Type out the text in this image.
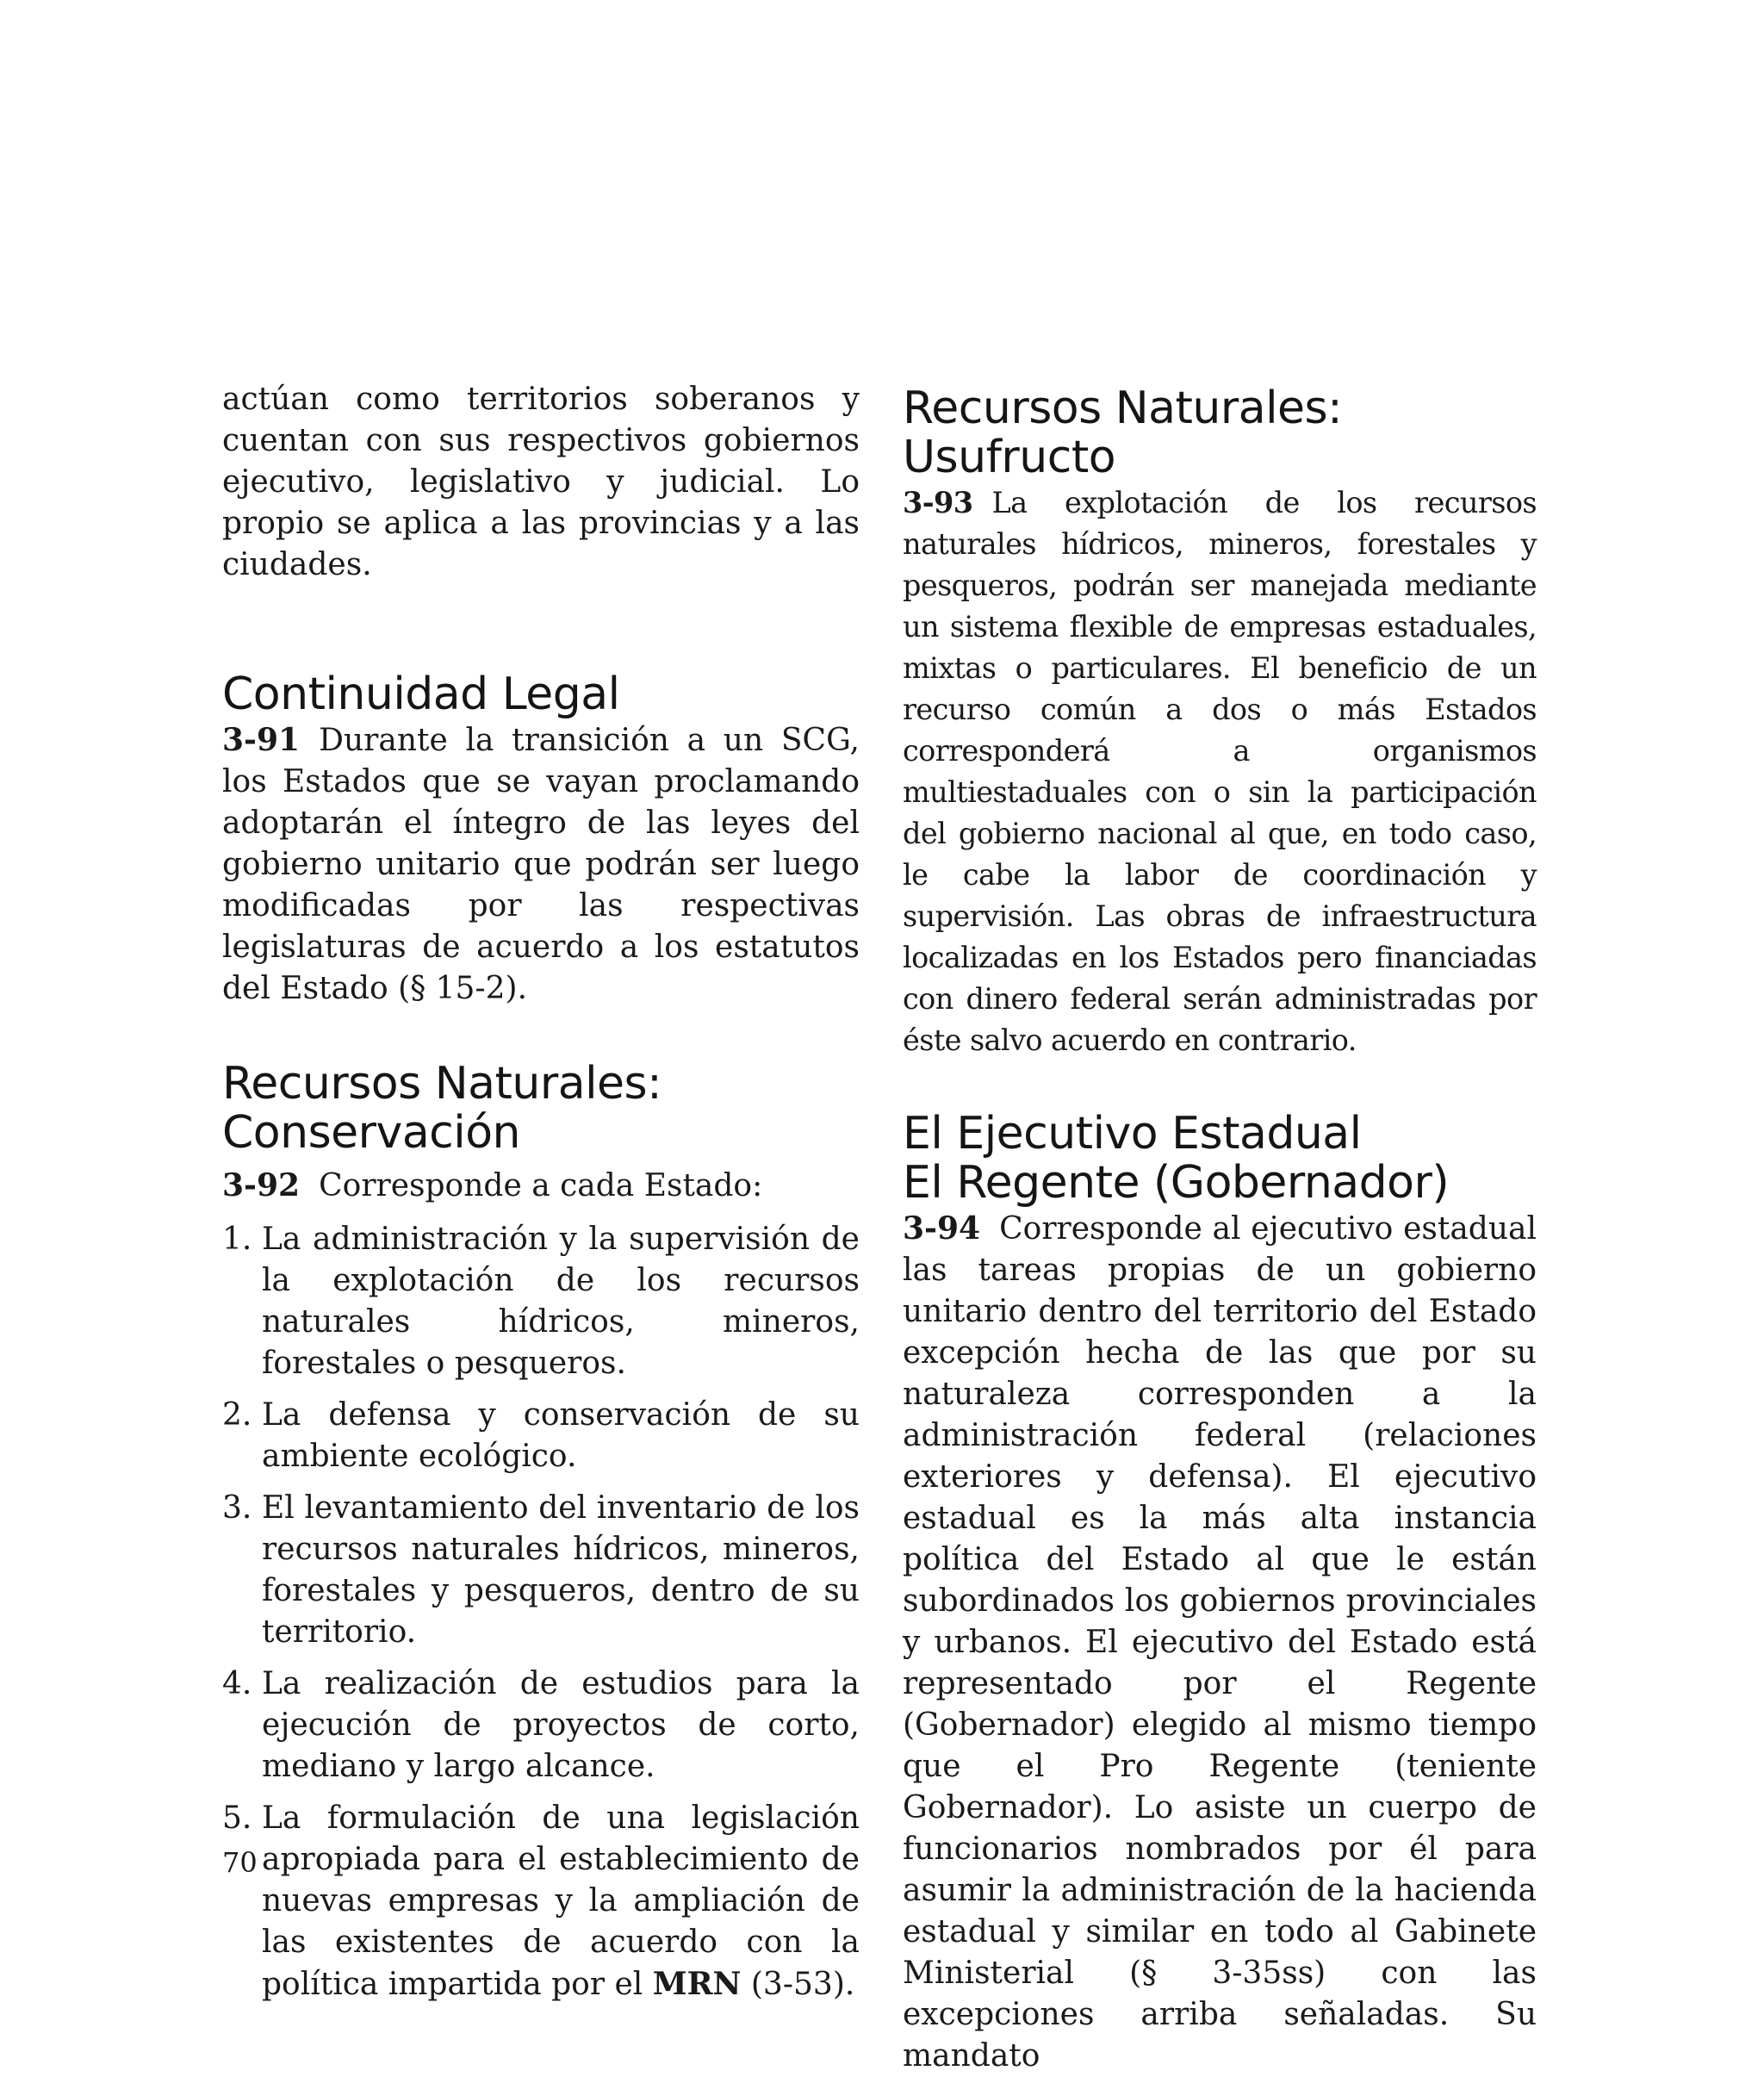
actúan como territorios soberanos y cuentan con sus respectivos gobiernos ejecutivo, legislativo y judicial. Lo propio se aplica a las provincias y a las ciudades.

Continuidad Legal

3-91 Durante la transición a un SCG, los Estados que se vayan proclamando adoptarán el íntegro de las leyes del gobierno unitario que podrán ser luego modificadas por las respectivas legislaturas de acuerdo a los estatutos del Estado (§ 15-2).

Recursos Naturales:
Conservación

3-92 Corresponde a cada Estado:

1. La administración y la supervisión de la explotación de los recursos naturales hídricos, mineros, forestales o pesqueros.
2. La defensa y conservación de su ambiente ecológico.
3. El levantamiento del inventario de los recursos naturales hídricos, mineros, forestales y pesqueros, dentro de su territorio.
4. La realización de estudios para la ejecución de proyectos de corto, mediano y largo alcance.
5. La formulación de una legislación apropiada para el establecimiento de nuevas empresas y la ampliación de las existentes de acuerdo con la política impartida por el MRN (3-53).
Recursos Naturales:
Usufructo

3-93 La explotación de los recursos naturales hídricos, mineros, forestales y pesqueros, podrán ser manejada mediante un sistema flexible de empresas estaduales, mixtas o particulares. El beneficio de un recurso común a dos o más Estados corresponderá a organismos multiestaduales con o sin la participación del gobierno nacional al que, en todo caso, le cabe la labor de coordinación y supervisión. Las obras de infraestructura localizadas en los Estados pero financiadas con dinero federal serán administradas por éste salvo acuerdo en contrario.

El Ejecutivo Estadual
El Regente (Gobernador)

3-94 Corresponde al ejecutivo estadual las tareas propias de un gobierno unitario dentro del territorio del Estado excepción hecha de las que por su naturaleza corresponden a la administración federal (relaciones exteriores y defensa). El ejecutivo estadual es la más alta instancia política del Estado al que le están subordinados los gobiernos provinciales y urbanos. El ejecutivo del Estado está representado por el Regente (Gobernador) elegido al mismo tiempo que el Pro Regente (teniente Gobernador). Lo asiste un cuerpo de funcionarios nombrados por él para asumir la administración de la hacienda estadual y similar en todo al Gabinete Ministerial (§ 3-35ss) con las excepciones arriba señaladas. Su mandato

70
